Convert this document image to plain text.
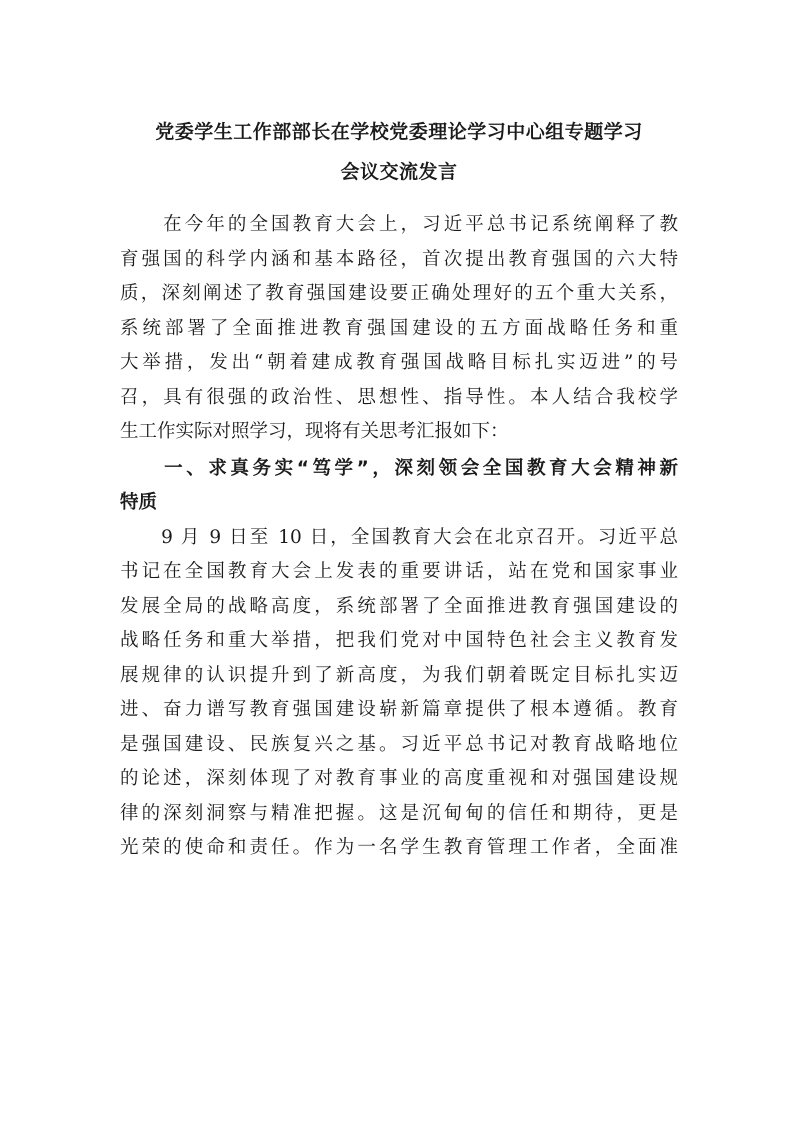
党委学生工作部部长在学校党委理论学习中心组专题学习
会议交流发言

　　在今年的全国教育大会上，习近平总书记系统阐释了教
育强国的科学内涵和基本路径，首次提出教育强国的六大特
质，深刻阐述了教育强国建设要正确处理好的五个重大关系，
系统部署了全面推进教育强国建设的五方面战略任务和重
大举措，发出“朝着建成教育强国战略目标扎实迈进”的号
召，具有很强的政治性、思想性、指导性。本人结合我校学
生工作实际对照学习，现将有关思考汇报如下：

　　一、求真务实“笃学”，深刻领会全国教育大会精神新
特质

　　9 月 9 日至 10 日，全国教育大会在北京召开。习近平总
书记在全国教育大会上发表的重要讲话，站在党和国家事业
发展全局的战略高度，系统部署了全面推进教育强国建设的
战略任务和重大举措，把我们党对中国特色社会主义教育发
展规律的认识提升到了新高度，为我们朝着既定目标扎实迈
进、奋力谱写教育强国建设崭新篇章提供了根本遵循。教育
是强国建设、民族复兴之基。习近平总书记对教育战略地位
的论述，深刻体现了对教育事业的高度重视和对强国建设规
律的深刻洞察与精准把握。这是沉甸甸的信任和期待，更是
光荣的使命和责任。作为一名学生教育管理工作者，全面准
